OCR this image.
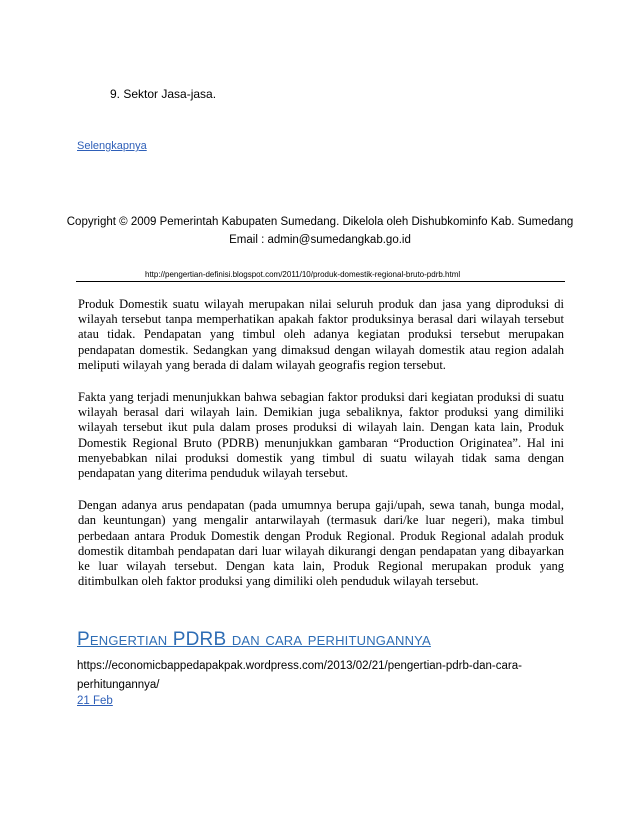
9. Sektor Jasa-jasa.
Selengkapnya
Copyright © 2009 Pemerintah Kabupaten Sumedang. Dikelola oleh Dishubkominfo Kab. Sumedang
Email : admin@sumedangkab.go.id
http://pengertian-definisi.blogspot.com/2011/10/produk-domestik-regional-bruto-pdrb.html

Produk Domestik suatu wilayah merupakan nilai seluruh produk dan jasa yang diproduksi di wilayah tersebut tanpa memperhatikan apakah faktor produksinya berasal dari wilayah tersebut atau tidak. Pendapatan yang timbul oleh adanya kegiatan produksi tersebut merupakan pendapatan domestik. Sedangkan yang dimaksud dengan wilayah domestik atau region adalah meliputi wilayah yang berada di dalam wilayah geografis region tersebut.

Fakta yang terjadi menunjukkan bahwa sebagian faktor produksi dari kegiatan produksi di suatu wilayah berasal dari wilayah lain. Demikian juga sebaliknya, faktor produksi yang dimiliki wilayah tersebut ikut pula dalam proses produksi di wilayah lain. Dengan kata lain, Produk Domestik Regional Bruto (PDRB) menunjukkan gambaran “Production Originatea”. Hal ini menyebabkan nilai produksi domestik yang timbul di suatu wilayah tidak sama dengan pendapatan yang diterima penduduk wilayah tersebut.

Dengan adanya arus pendapatan (pada umumnya berupa gaji/upah, sewa tanah, bunga modal, dan keuntungan) yang mengalir antarwilayah (termasuk dari/ke luar negeri), maka timbul perbedaan antara Produk Domestik dengan Produk Regional. Produk Regional adalah produk domestik ditambah pendapatan dari luar wilayah dikurangi dengan pendapatan yang dibayarkan ke luar wilayah tersebut. Dengan kata lain, Produk Regional merupakan produk yang ditimbulkan oleh faktor produksi yang dimiliki oleh penduduk wilayah tersebut.

Pengertian PDRB dan cara perhitungannya
https://economicbappedapakpak.wordpress.com/2013/02/21/pengertian-pdrb-dan-cara-perhitungannya/
21 Feb
